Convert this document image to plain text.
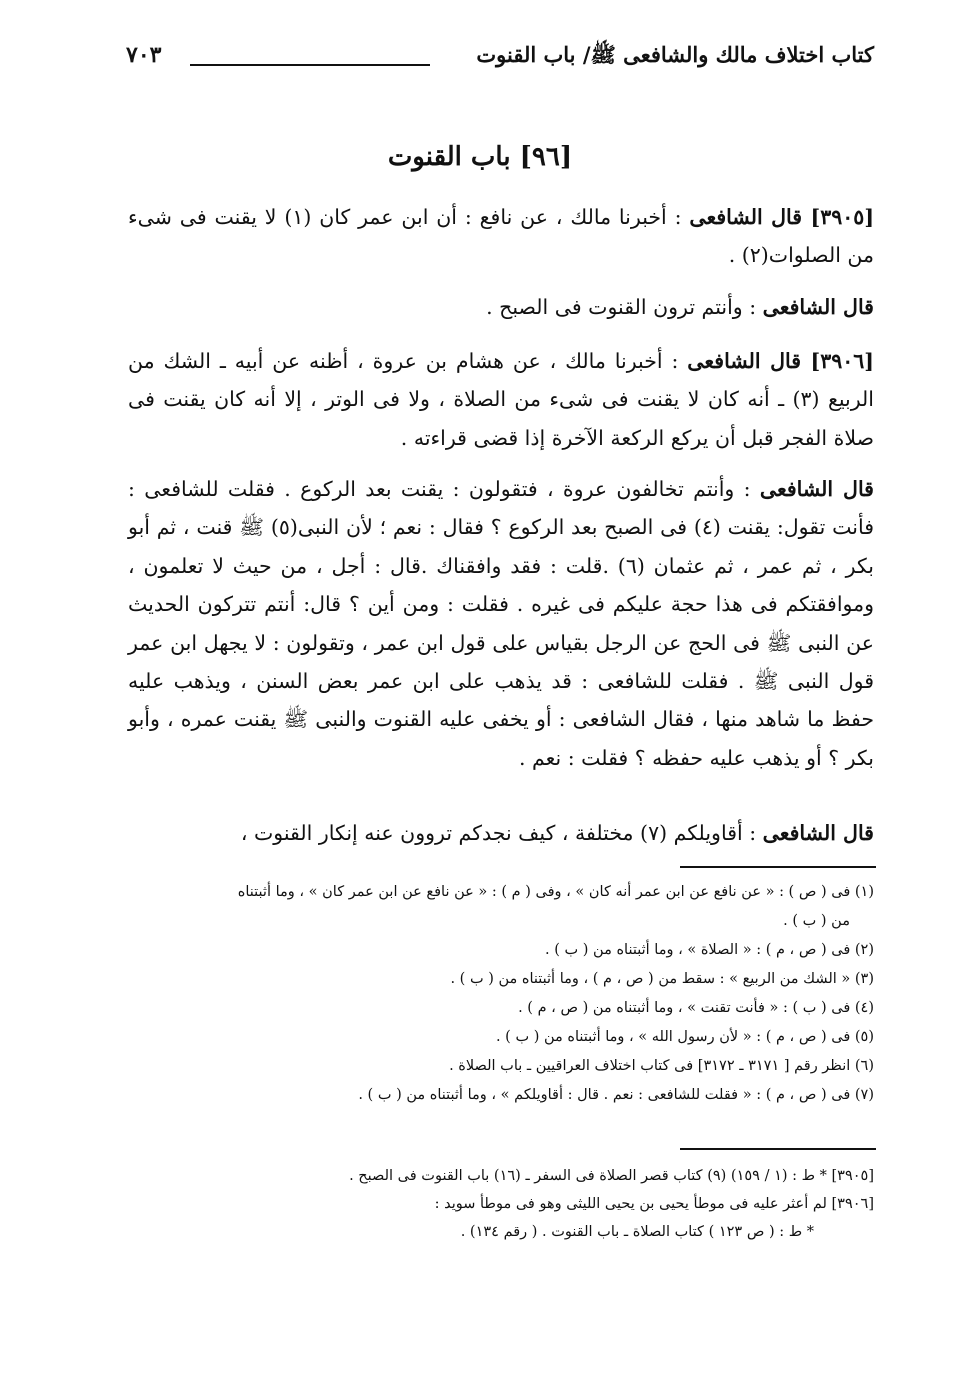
كتاب اختلاف مالك والشافعى ﷺ/ باب القنوت
٧٠٣
[٩٦] باب القنوت
[٣٩٠٥] قال الشافعى : أخبرنا مالك ، عن نافع : أن ابن عمر كان (١) لا يقنت فى شىء من الصلوات(٢) .
قال الشافعى : وأنتم ترون القنوت فى الصبح .
[٣٩٠٦] قال الشافعى : أخبرنا مالك ، عن هشام بن عروة ، أظنه عن أبيه ـ الشك من الربيع (٣) ـ أنه كان لا يقنت فى شىء من الصلاة ، ولا فى الوتر ، إلا أنه كان يقنت فى صلاة الفجر قبل أن يركع الركعة الآخرة إذا قضى قراءته .
قال الشافعى : وأنتم تخالفون عروة ، فتقولون : يقنت بعد الركوع . فقلت للشافعى : فأنت تقول: يقنت (٤) فى الصبح بعد الركوع ؟ فقال : نعم ؛ لأن النبى(٥) ﷺ قنت ، ثم أبو بكر ، ثم عمر ، ثم عثمان (٦) .قلت : فقد وافقناك .قال : أجل ، من حيث لا تعلمون ، وموافقتكم فى هذا حجة عليكم فى غيره . فقلت : ومن أين ؟ قال: أنتم تتركون الحديث عن النبى ﷺ فى الحج عن الرجل بقياس على قول ابن عمر ، وتقولون : لا يجهل ابن عمر قول النبى ﷺ . فقلت للشافعى : قد يذهب على ابن عمر بعض السنن ، ويذهب عليه حفظ ما شاهد منها ، فقال الشافعى : أو يخفى عليه القنوت والنبى ﷺ يقنت عمره ، وأبو بكر ؟ أو يذهب عليه حفظه ؟ فقلت : نعم .
قال الشافعى : أقاويلكم (٧) مختلفة ، كيف نجدكم تروون عنه إنكار القنوت ،
(١) فى ( ص ) : « عن نافع عن ابن عمر أنه كان » ، وفى ( م ) : « عن نافع عن ابن عمر كان » ، وما أثبتناه
من ( ب ) .
(٢) فى ( ص ، م ) : « الصلاة » ، وما أثبتناه من ( ب ) .
(٣) « الشك من الربيع » : سقط من ( ص ، م ) ، وما أثبتناه من ( ب ) .
(٤) فى ( ب ) : « فأنت تقنت » ، وما أثبتناه من ( ص ، م ) .
(٥) فى ( ص ، م ) : « لأن رسول الله » ، وما أثبتناه من ( ب ) .
(٦) انظر رقم [ ٣١٧١ ـ ٣١٧٢] فى كتاب اختلاف العراقيين ـ باب الصلاة .
(٧) فى ( ص ، م ) : « فقلت للشافعى : نعم . قال : أقاويلكم » ، وما أثبتناه من ( ب ) .
[٣٩٠٥] * ط : (١ / ١٥٩) (٩) كتاب قصر الصلاة فى السفر ـ (١٦) باب القنوت فى الصبح .
[٣٩٠٦] لم أعثر عليه فى موطأ يحيى بن يحيى الليثى وهو فى موطأ سويد :
* ط : ( ص ١٢٣ ) كتاب الصلاة ـ باب القنوت . ( رقم ١٣٤) .
